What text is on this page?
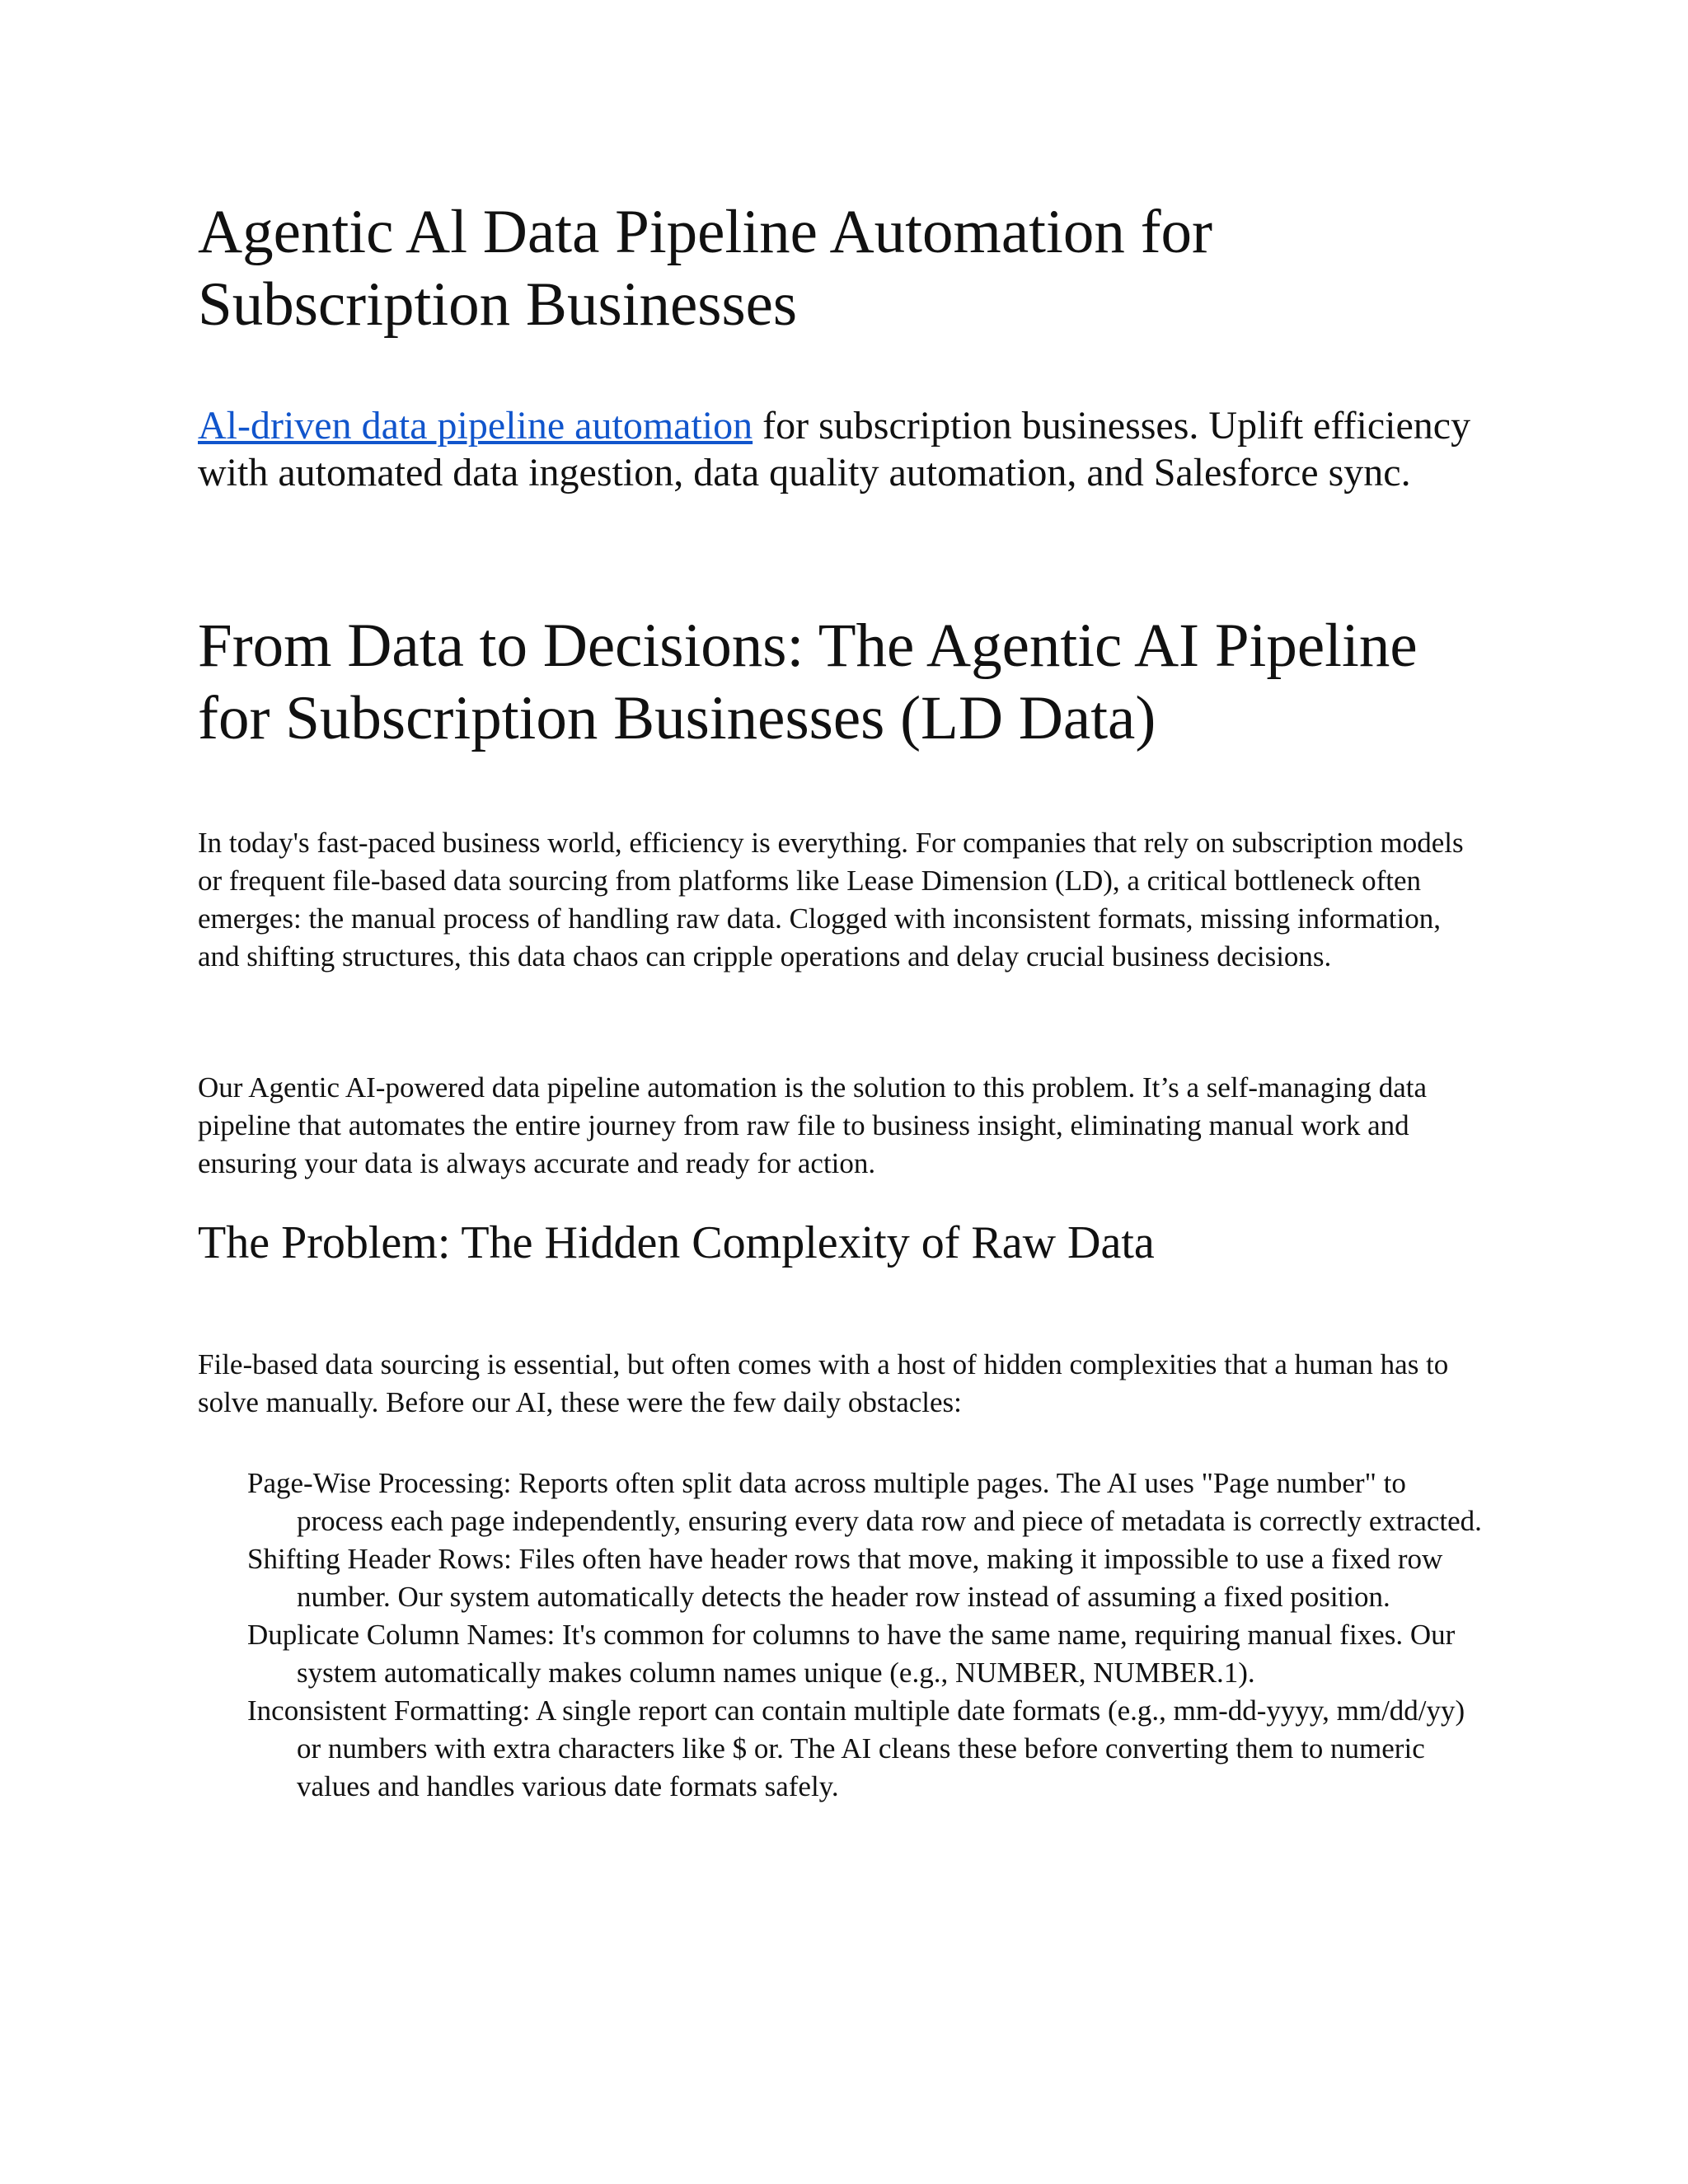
Agentic Al Data Pipeline Automation for Subscription Businesses

Al-driven data pipeline automation for subscription businesses. Uplift efficiency with automated data ingestion, data quality automation, and Salesforce sync.

From Data to Decisions: The Agentic AI Pipeline for Subscription Businesses (LD Data)

In today's fast-paced business world, efficiency is everything. For companies that rely on subscription models or frequent file-based data sourcing from platforms like Lease Dimension (LD), a critical bottleneck often emerges: the manual process of handling raw data. Clogged with inconsistent formats, missing information, and shifting structures, this data chaos can cripple operations and delay crucial business decisions.

Our Agentic AI-powered data pipeline automation is the solution to this problem. It’s a self-managing data pipeline that automates the entire journey from raw file to business insight, eliminating manual work and ensuring your data is always accurate and ready for action.

The Problem: The Hidden Complexity of Raw Data

File-based data sourcing is essential, but often comes with a host of hidden complexities that a human has to solve manually. Before our AI, these were the few daily obstacles:

Page-Wise Processing: Reports often split data across multiple pages. The AI uses "Page number" to process each page independently, ensuring every data row and piece of metadata is correctly extracted.
Shifting Header Rows: Files often have header rows that move, making it impossible to use a fixed row number. Our system automatically detects the header row instead of assuming a fixed position.
Duplicate Column Names: It's common for columns to have the same name, requiring manual fixes. Our system automatically makes column names unique (e.g., NUMBER, NUMBER.1).
Inconsistent Formatting: A single report can contain multiple date formats (e.g., mm-dd-yyyy, mm/dd/yy) or numbers with extra characters like $ or. The AI cleans these before converting them to numeric values and handles various date formats safely.
